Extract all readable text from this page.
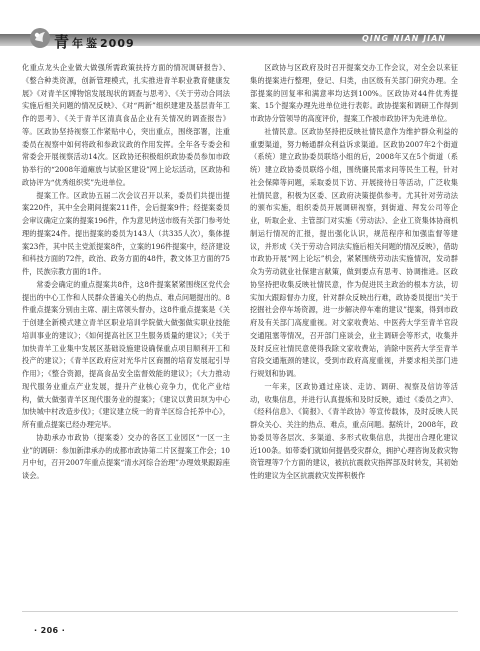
青 年 鉴 2009	QING NIAN JIAN

化重点龙头企业做大做强所需政策扶持方面的情况调研报告》、《整合种类资源，创新管理模式，扎实推进青羊职业教育健康发展》《对青羊区博物馆发展现状的调查与思考》、《关于劳动合同法实施后相关问题的情况反映》、《对“两新”组织建建及基层青年工作的思考》、《关于青羊区清真食品企业有关情况的调查报告》等。区政协坚持视察工作紧贴中心，突出重点，围绕部署，注重委员在视察中如何将政和参政议政的作用发挥。全年各专委会和常委会开展视察活动14次。区政协还积极组织政协委员参加市政协举行的“2008年道瘫放与试验区建设”网上论坛活动，区政协和政协评为“优秀组织奖”先进单位。

提案工作。区政协五届二次会议召开以来，委员们共提出提案220件，其中全会期间提案211件，会后提案9件；经提案委员会审议确定立案的提案196件，作为意见转送市级有关部门参考处理的提案24件。提出提案的委员为143人（共335人次），集体提案23件，其中民主党派提案8件，立案的196件提案中，经济建设和科技方面的72件，政治、政务方面的48件，教文体卫方面的75件，民族宗教方面的1件。

常委会确定的重点提案共8件，这8件提案紧紧围绕区党代会提出的中心工作和人民群众普遍关心的热点、难点问题提出的。8件重点提案分别由主席、副主席领头督办，这8件重点提案是《关于创建全新模式建立青羊区职业培训学院做大做强做实职业技能培训事业的建议》；《如何提高社区卫生服务质量的建议》；《关于加快青羊工业集中发展区基础设施建设确保重点项目顺利开工和投产的建议》；《青羊区政府应对光华片区商圈的培育发展起引导作用》；《整合资源，提高食品安全监督效能的建议》；《大力推动现代服务业重点产业发展，提升产业核心竞争力，优化产业结构，做大做强青羊区现代服务业的提案》；《建议以黄田坝为中心加快城中村改造步伐》；《建议建立统一的青羊区综合托养中心》，所有重点提案已经办理完毕。

协助承办市政协（提案委）交办的各区工业园区“一区一主业”的调研：参加新津承办的成都市政协第二片区提案工作会；10月中旬，召开2007年重点提案“清水河综合治理”办理效果跟踪座谈会。

区政协与区政府及时召开提案交办工作会议，对全会以来征集的提案进行整理，登记、归类，由区级有关部门研究办理。全部提案的回复率和满意率均达到100%。区政协对44件优秀提案、15个提案办理先进单位进行表彰。政协提案和调研工作得到市政协分管领导的高度评价，提案工作被市政协评为先进单位。

社情民意。区政协坚持把反映社情民意作为维护群众利益的重要渠道，努力畅通群众利益诉求渠道。区政协2007年2个街道（系统）建立政协委员联络小组的后，2008年又在5个街道（系统）建立政协委员联络小组，围绕廉民需求问等民生工程，针对社会保障等问题，采取委员下访、开展接待日等活动，广泛收集社情民意，积极为区委、区政府决策提供参考。尤其针对劳动法的颁布实施，组织委员开展调研视察，到街道、拜发公司等企业，听取企业、主管部门对实施《劳动法》、企业工资集体协商机制运行情况的汇报，提出强化认识，规范程序和加强监督等建议，并形成《关于劳动合同法实施后相关问题的情况反映》，借助市政协开展“网上论坛”机会，紧紧围绕劳动法实施情况，发动群众为劳动就业社保建言献策，做到要点有思考、协调推进。区政协坚持把收集反映社情民意，作为促进民主政治的根本方法，切实加大跟踪督办力度，针对群众反映出行难，政协委员提出“关于挖掘社会停车场资源，进一步解决停车难的建议”提案，得到市政府及有关部门高度重视。对文家收费站、中医药大学至青羊官段交通阻塞等情况，召开部门座谈会，业主调研会等形式，收集并及时反应社情民意使得我除文家收费站，消除中医药大学至青羊官段交通瓶颈的建议，受到市政府高度重视，并要求相关部门进行规划和协调。

一年来，区政协通过座谈、走访、调研、视察及信访等活动，收集信息，并进行认真提炼和及时反映，通过《委员之声》、《经科信息》、《简报》、《青羊政协》等宣传载体，及时反映人民群众关心、关注的热点、难点，重点问题。据统计，2008年，政协委员等各层次、多渠道、多形式收集信息，共提出合理化建议近100条。如带委们就如何提倡受灾群众，拥护心理咨询及救灾物资管理等7个方面的建议，被抗抗震救灾指挥部及时转发，其初始性的建议为全区抗震救灾发挥积极作

· 206 ·
